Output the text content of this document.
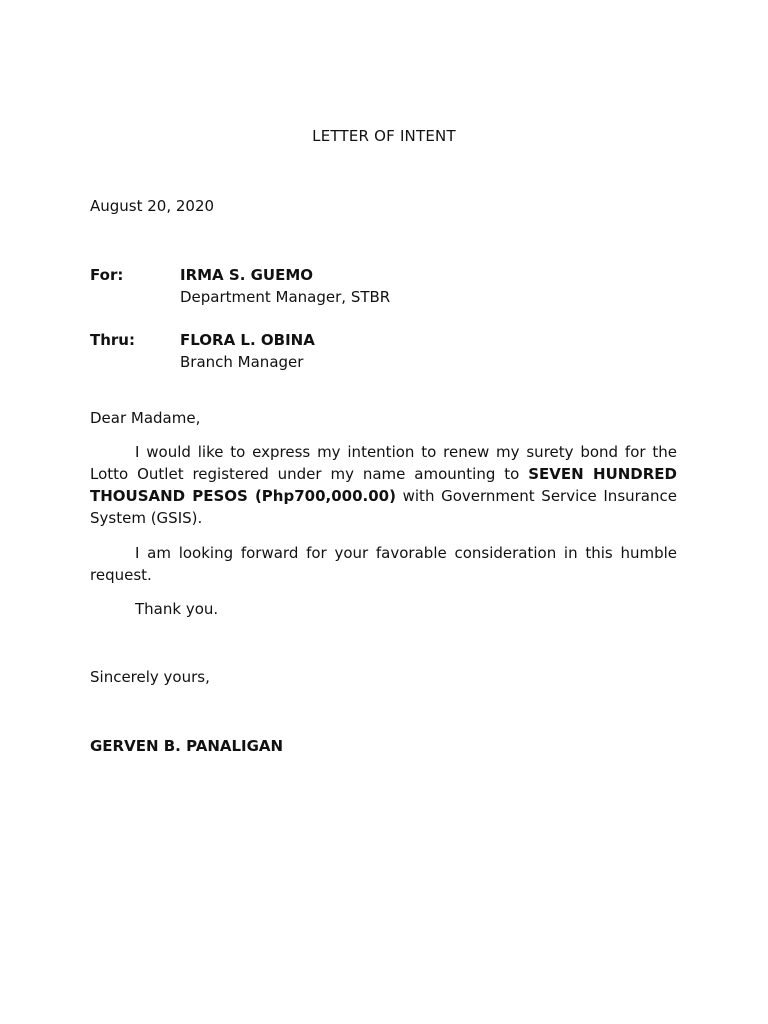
LETTER OF INTENT
August 20, 2020
For:	IRMA S. GUEMO
Department Manager, STBR
Thru:	FLORA L. OBINA
Branch Manager
Dear Madame,

I would like to express my intention to renew my surety bond for the Lotto Outlet registered under my name amounting to SEVEN HUNDRED THOUSAND PESOS (Php700,000.00) with Government Service Insurance System (GSIS).

I am looking forward for your favorable consideration in this humble request.

Thank you.

Sincerely yours,
GERVEN B. PANALIGAN
